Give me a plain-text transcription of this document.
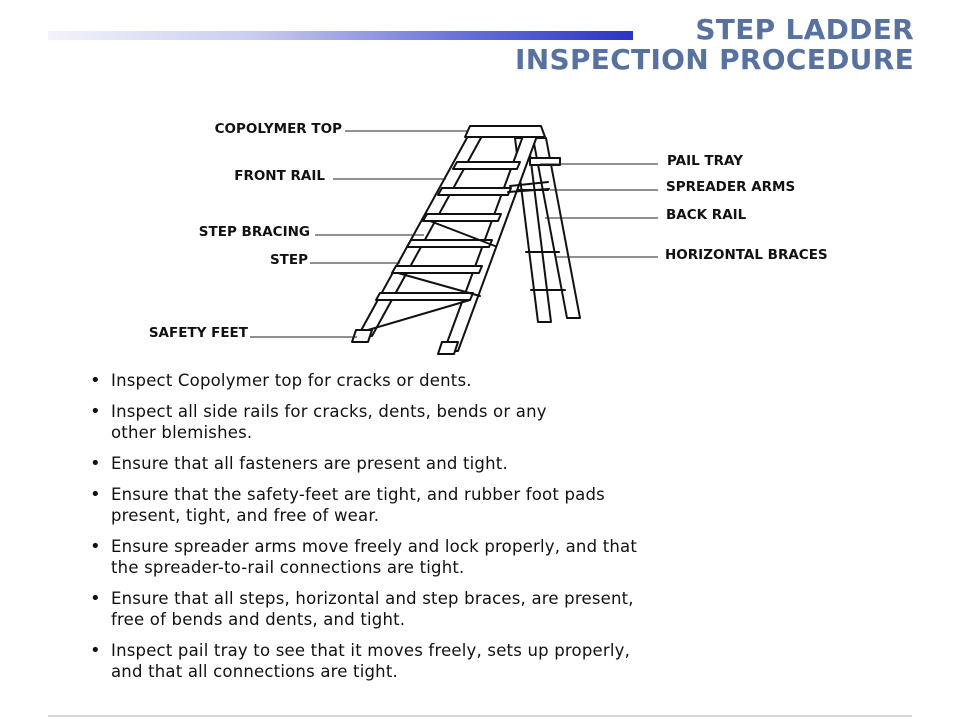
STEP LADDER
INSPECTION PROCEDURE
COPOLYMER TOP
FRONT RAIL
STEP BRACING
STEP
SAFETY FEET
PAIL TRAY
SPREADER ARMS
BACK RAIL
HORIZONTAL BRACES
• Inspect Copolymer top for cracks or dents.
• Inspect all side rails for cracks, dents, bends or any
other blemishes.
• Ensure that all fasteners are present and tight.
• Ensure that the safety-feet are tight, and rubber foot pads
present, tight, and free of wear.
• Ensure spreader arms move freely and lock properly, and that
the spreader-to-rail connections are tight.
• Ensure that all steps, horizontal and step braces, are present,
free of bends and dents, and tight.
• Inspect pail tray to see that it moves freely, sets up properly,
and that all connections are tight.
